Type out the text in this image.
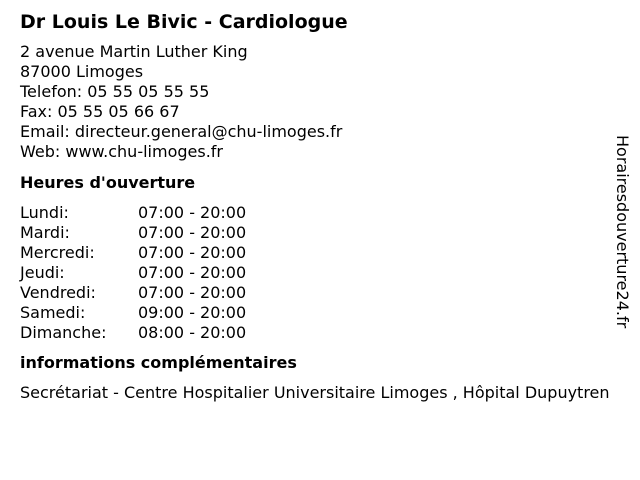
Dr Louis Le Bivic - Cardiologue
2 avenue Martin Luther King
87000 Limoges
Telefon: 05 55 05 55 55
Fax: 05 55 05 66 67
Email: directeur.general@chu-limoges.fr
Web: www.chu-limoges.fr
Heures d'ouverture
Lundi:	07:00 - 20:00
Mardi:	07:00 - 20:00
Mercredi:	07:00 - 20:00
Jeudi:	07:00 - 20:00
Vendredi:	07:00 - 20:00
Samedi:	09:00 - 20:00
Dimanche:	08:00 - 20:00
informations complémentaires
Secrétariat - Centre Hospitalier Universitaire Limoges , Hôpital Dupuytren
Horairesdouverture24.fr
